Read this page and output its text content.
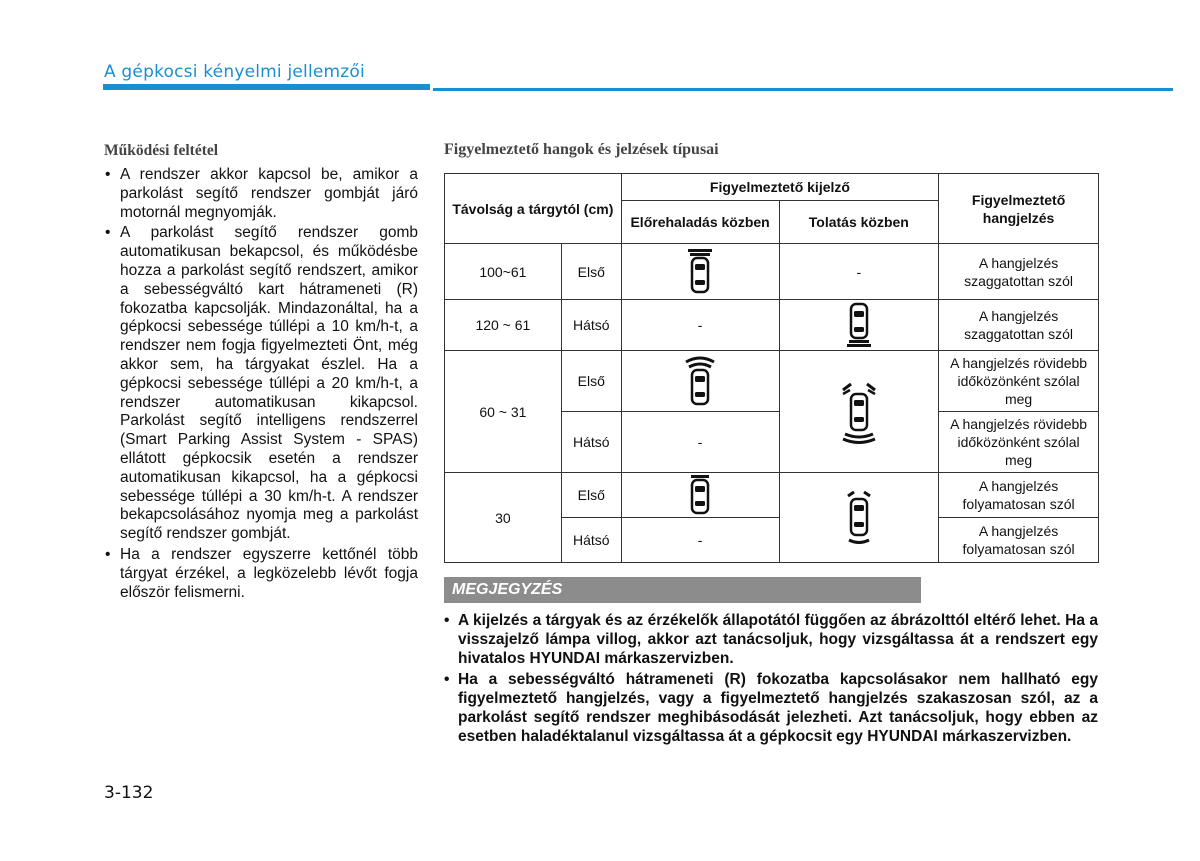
A gépkocsi kényelmi jellemzői
Működési feltétel
• A rendszer akkor kapcsol be, amikor a parkolást segítő rendszer gombját járó motornál megnyomják.
• A parkolást segítő rendszer gomb automatikusan bekapcsol, és működésbe hozza a parkolást segítő rendszert, amikor a sebességváltó kart hátrameneti (R) fokozatba kapcsolják. Mindazonáltal, ha a gépkocsi sebessége túllépi a 10 km/h-t, a rendszer nem fogja figyelmezteti Önt, még akkor sem, ha tárgyakat észlel. Ha a gépkocsi sebessége túllépi a 20 km/h-t, a rendszer automatikusan kikapcsol. Parkolást segítő intelligens rendszerrel (Smart Parking Assist System - SPAS) ellátott gépkocsik esetén a rendszer automatikusan kikapcsol, ha a gépkocsi sebessége túllépi a 30 km/h-t. A rendszer bekapcsolásához nyomja meg a parkolást segítő rendszer gombját.
• Ha a rendszer egyszerre kettőnél több tárgyat érzékel, a legközelebb lévőt fogja először felismerni.
Figyelmeztető hangok és jelzések típusai
Távolság a tárgytól (cm)		Figyelmeztető kijelző		Figyelmeztető hangjelzés
		Előrehaladás közben	Tolatás közben	
100~61	Első		-	A hangjelzés szaggatottan szól
120 ~ 61	Hátsó	-		A hangjelzés szaggatottan szól
60 ~ 31	Első			A hangjelzés rövidebb időközönként szólal meg
	Hátsó	-		A hangjelzés rövidebb időközönként szólal meg
30	Első			A hangjelzés folyamatosan szól
	Hátsó	-		A hangjelzés folyamatosan szól
MEGJEGYZÉS
• A kijelzés a tárgyak és az érzékelők állapotától függően az ábrázolttól eltérő lehet. Ha a visszajelző lámpa villog, akkor azt tanácsoljuk, hogy vizsgáltassa át a rendszert egy hivatalos HYUNDAI márkaszervizben.
• Ha a sebességváltó hátrameneti (R) fokozatba kapcsolásakor nem hallható egy figyelmeztető hangjelzés, vagy a figyelmeztető hangjelzés szakaszosan szól, az a parkolást segítő rendszer meghibásodását jelezheti. Azt tanácsoljuk, hogy ebben az esetben haladéktalanul vizsgáltassa át a gépkocsit egy HYUNDAI márkaszervizben.
3-132
